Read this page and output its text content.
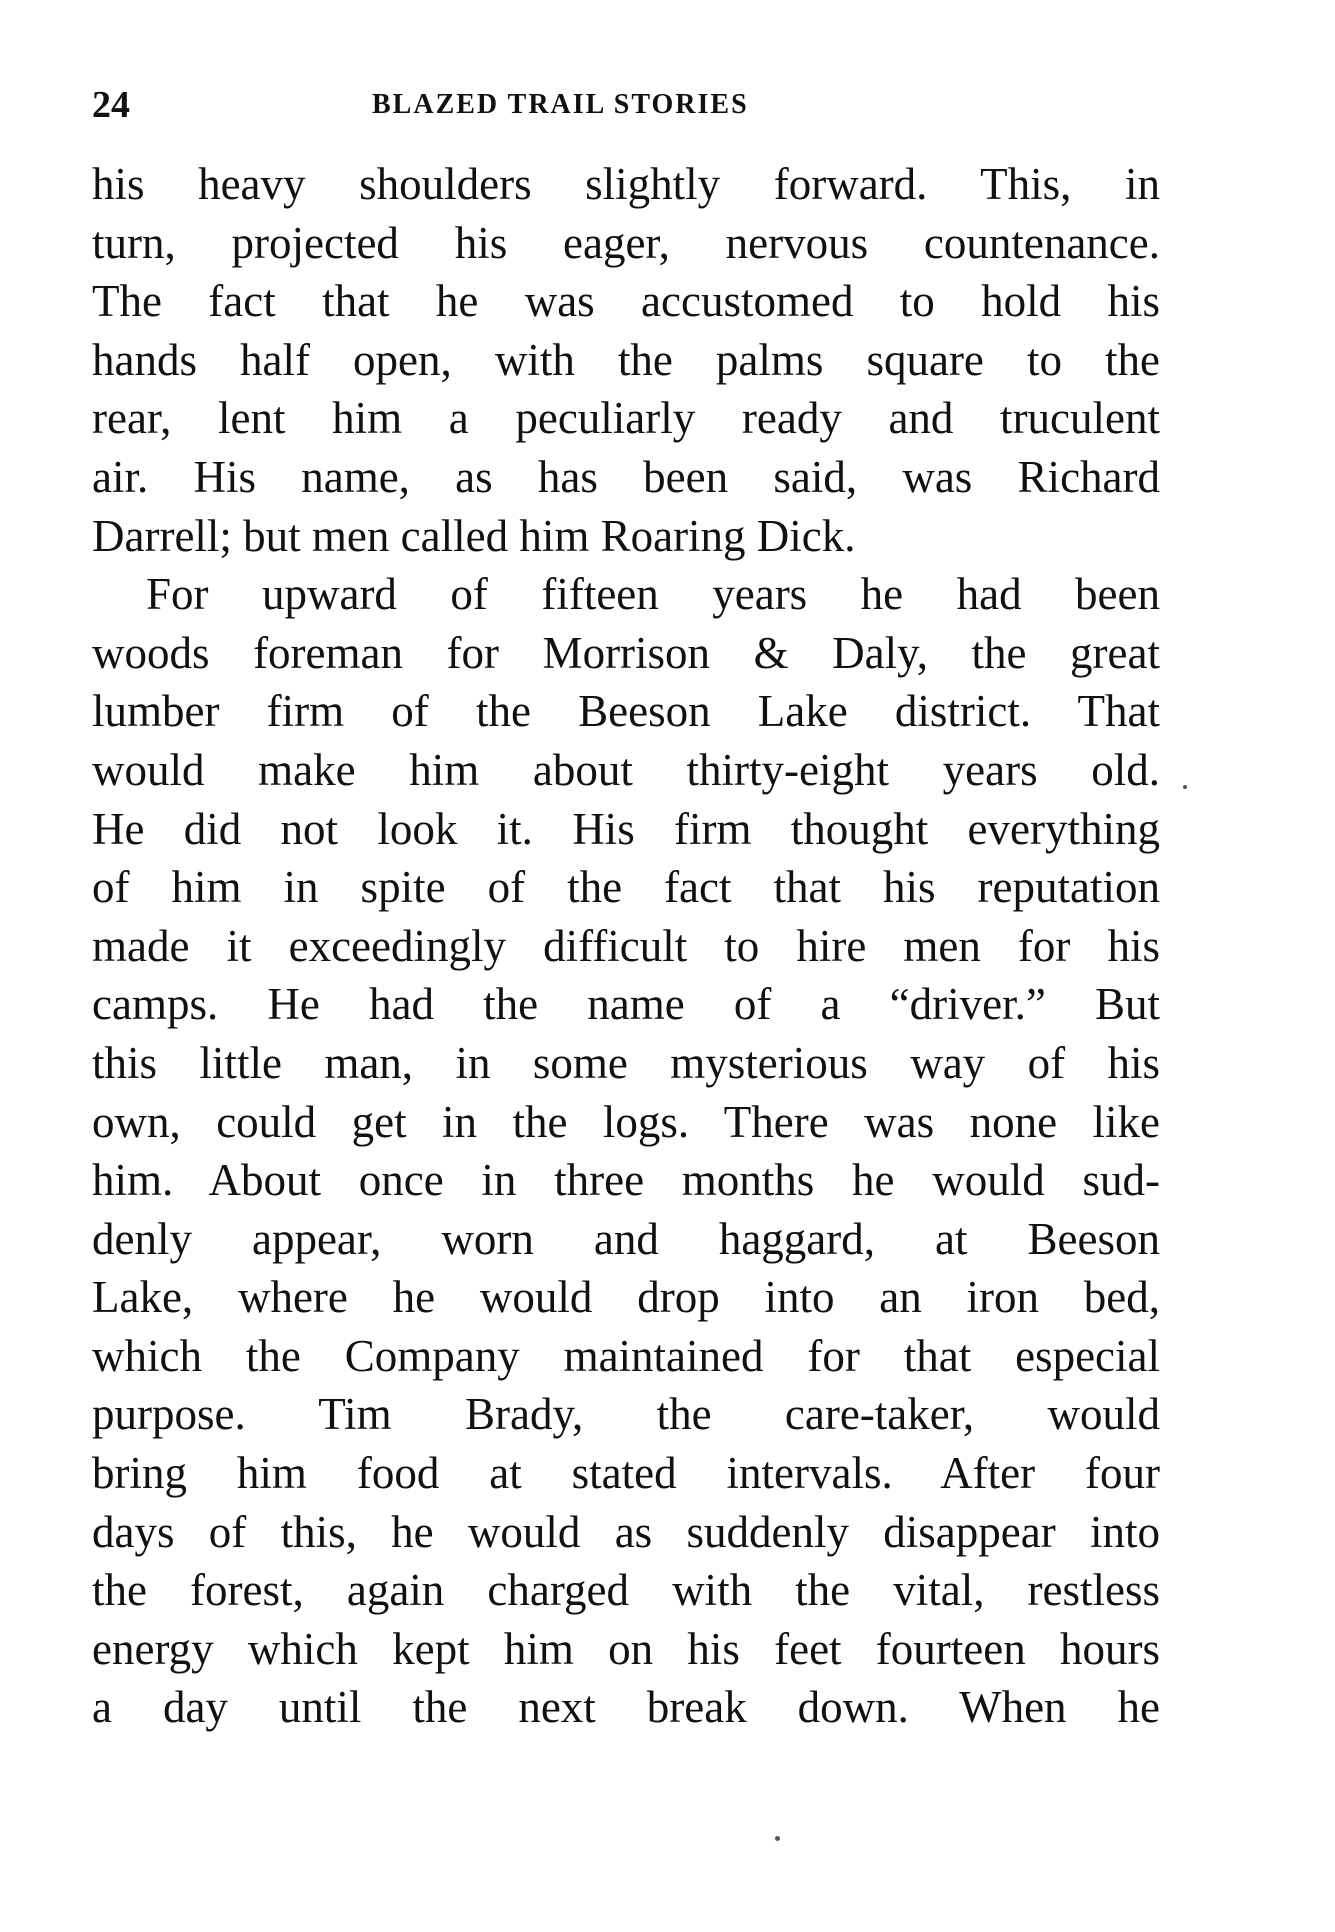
24	BLAZED TRAIL STORIES
his heavy shoulders slightly forward. This, in
turn, projected his eager, nervous countenance.
The fact that he was accustomed to hold his
hands half open, with the palms square to the
rear, lent him a peculiarly ready and truculent
air. His name, as has been said, was Richard
Darrell; but men called him Roaring Dick.
For upward of fifteen years he had been
woods foreman for Morrison & Daly, the great
lumber firm of the Beeson Lake district. That
would make him about thirty-eight years old.
He did not look it. His firm thought everything
of him in spite of the fact that his reputation
made it exceedingly difficult to hire men for his
camps. He had the name of a “driver.” But
this little man, in some mysterious way of his
own, could get in the logs. There was none like
him. About once in three months he would sud-
denly appear, worn and haggard, at Beeson
Lake, where he would drop into an iron bed,
which the Company maintained for that especial
purpose. Tim Brady, the care-taker, would
bring him food at stated intervals. After four
days of this, he would as suddenly disappear into
the forest, again charged with the vital, restless
energy which kept him on his feet fourteen hours
a day until the next break down. When he
